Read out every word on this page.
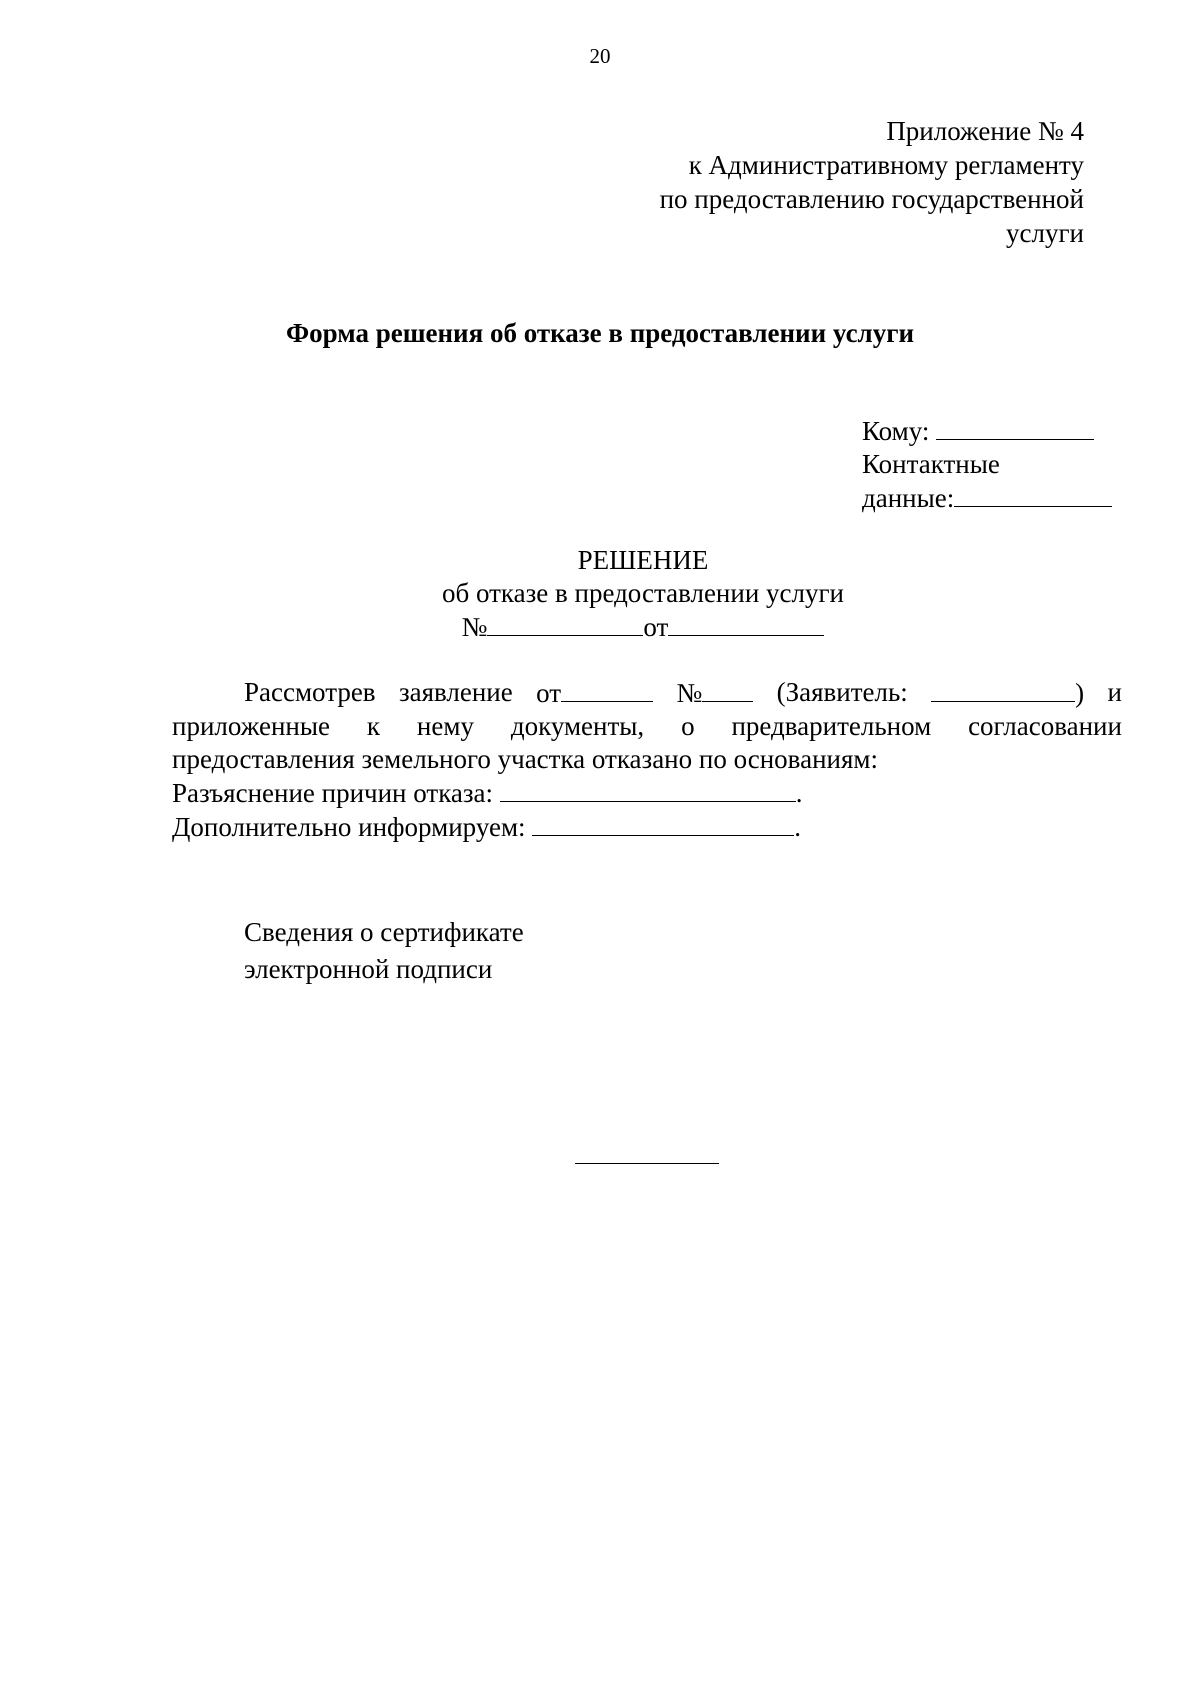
20
Приложение № 4
к Административному регламенту
по предоставлению государственной
услуги
Форма решения об отказе в предоставлении услуги
Кому:
Контактные
данные:
РЕШЕНИЕ
об отказе в предоставлении услуги
№	от
Рассмотрев заявление от	№	(Заявитель:	) и
приложенные к нему документы, о предварительном согласовании
предоставления земельного участка отказано по основаниям:
Разъяснение причин отказа:	.
Дополнительно информируем:	.
Сведения о сертификате
электронной подписи
